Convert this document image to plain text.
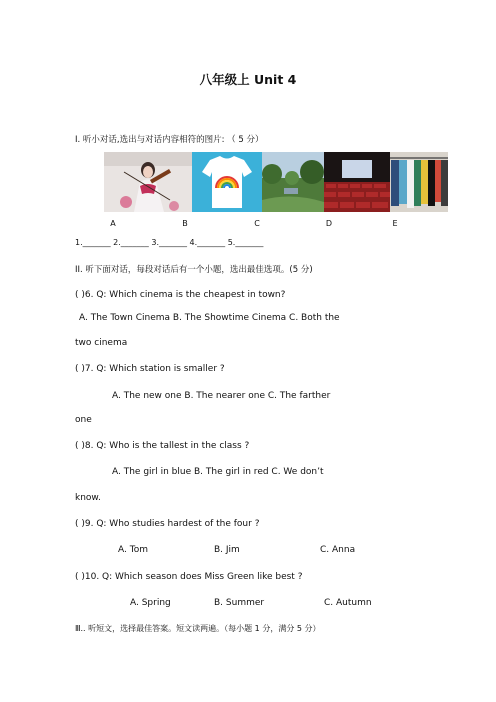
八年级上 Unit 4
I. 听小对话,选出与对话内容相符的图片: （ 5 分）
A	B	C	D	E
1._______ 2._______ 3._______ 4._______ 5._______
II. 听下面对话，每段对话后有一个小题，选出最佳选项。(5 分)
( )6. Q: Which cinema is the cheapest in town?
A. The Town Cinema B. The Showtime Cinema C. Both the
two cinema
( )7. Q: Which station is smaller ?
A. The new one B. The nearer one C. The farther
one
( )8. Q: Who is the tallest in the class ?
A. The girl in blue B. The girl in red C. We don’t
know.
( )9. Q: Who studies hardest of the four ?
A. Tom	B. Jim	C. Anna
( )10. Q: Which season does Miss Green like best ?
A. Spring	B. Summer	C. Autumn
Ⅲ.. 听短文，选择最佳答案。短文读两遍。（每小题 1 分，满分 5 分）
